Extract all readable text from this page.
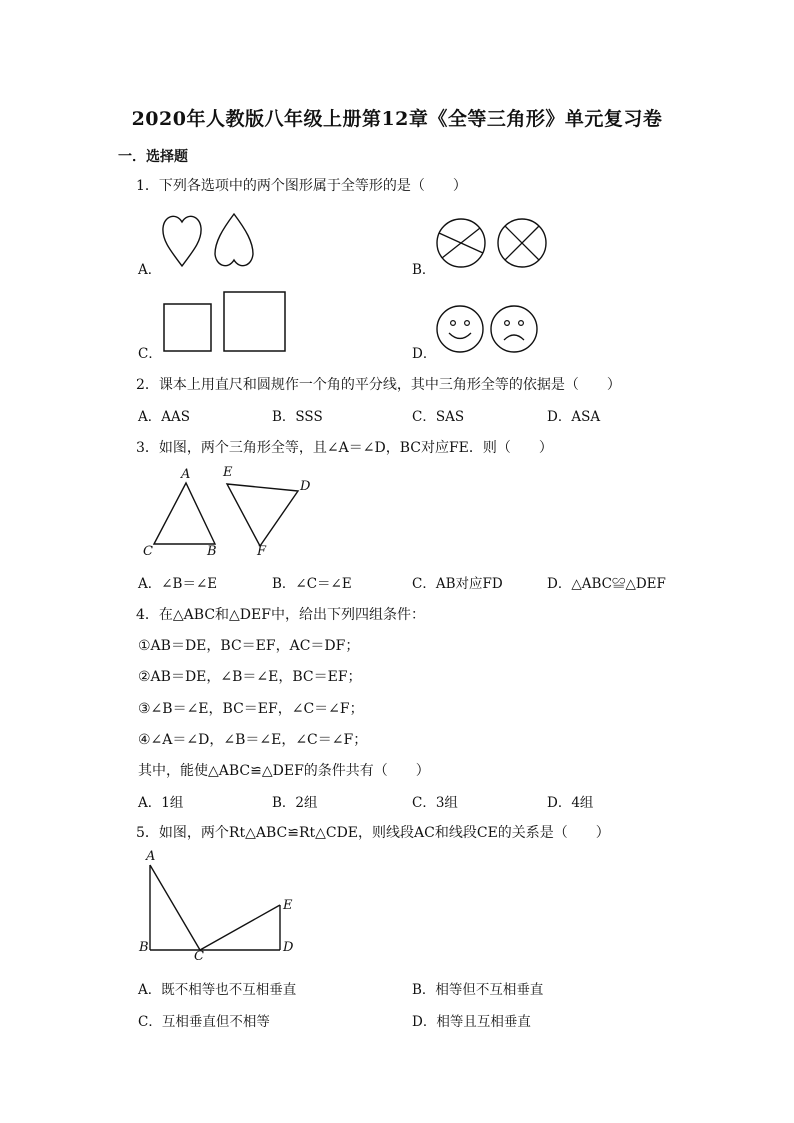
2020年人教版八年级上册第12章《全等三角形》单元复习卷
一．选择题
1．下列各选项中的两个图形属于全等形的是（　　）
A．	B．
C．	D．
2．课本上用直尺和圆规作一个角的平分线，其中三角形全等的依据是（　　）
A．AAS	B．SSS	C．SAS	D．ASA
3．如图，两个三角形全等，且∠A＝∠D，BC对应FE．则（　　）
A
C	B
E
D
F
A．∠B＝∠E	B．∠C＝∠E	C．AB对应FD	D．△ABC≌△DEF
4．在△ABC和△DEF中，给出下列四组条件：
①AB＝DE，BC＝EF，AC＝DF；
②AB＝DE，∠B＝∠E，BC＝EF；
③∠B＝∠E，BC＝EF，∠C＝∠F；
④∠A＝∠D，∠B＝∠E，∠C＝∠F；
其中，能使△ABC≌△DEF的条件共有（　　）
A．1组	B．2组	C．3组	D．4组
5．如图，两个Rt△ABC≌Rt△CDE，则线段AC和线段CE的关系是（　　）
A
B
C
D
E
A．既不相等也不互相垂直	B．相等但不互相垂直
C．互相垂直但不相等	D．相等且互相垂直
